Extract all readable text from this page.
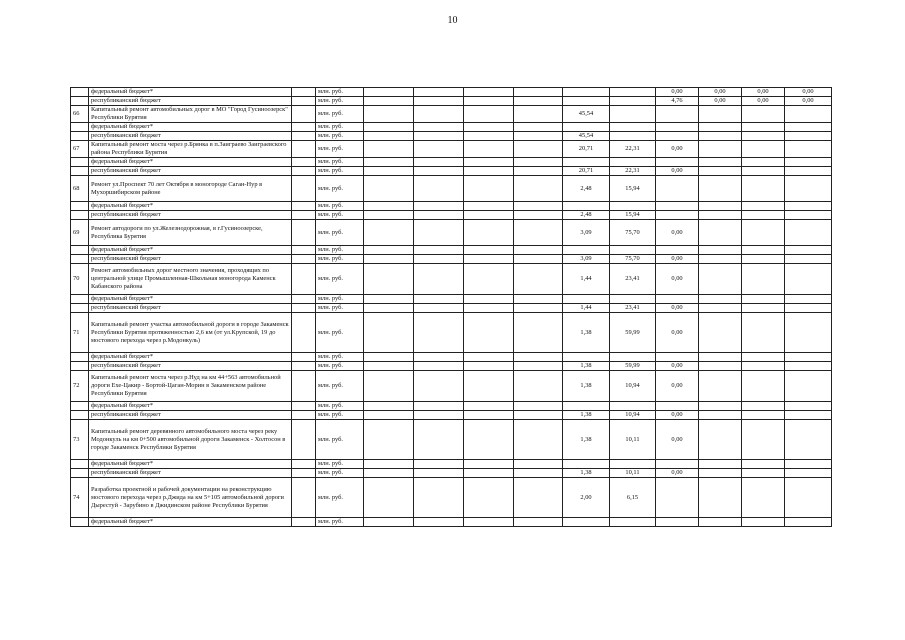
10
	федеральный бюджет*		млн. руб.							0,00	0,00	0,00	0,00	
	республиканский бюджет		млн. руб.							4,76	0,00	0,00	0,00	
66	Капитальный ремонт автомобильных дорог в МО "Город Гусиноозерск" Республики Бурятия		млн. руб.					45,54						
	федеральный бюджет*		млн. руб.											
	республиканский бюджет		млн. руб.					45,54						
67	Капитальный ремонт моста через р.Брянка в п.Заиграево Заиграевского района Республики Бурятия		млн. руб.					20,71	22,31	0,00				
	федеральный бюджет*		млн. руб.											
	республиканский бюджет		млн. руб.					20,71	22,31	0,00				
68	Ремонт ул.Проспект 70 лет Октября в моногороде Саган-Нур в Мухоршибирском районе		млн. руб.					2,48	15,94					
	федеральный бюджет*		млн. руб.											
	республиканский бюджет		млн. руб.					2,48	15,94					
69	Ремонт автодороги по ул.Железнодорожная, в г.Гусиноозерске, Республика Бурятия		млн. руб.					3,09	75,70	0,00				
	федеральный бюджет*		млн. руб.											
	республиканский бюджет		млн. руб.					3,09	75,70	0,00				
70	Ремонт автомобильных дорог местного значения, проходящих по центральной улице Промышленная-Школьная моногорода Каменск Кабанского района		млн. руб.					1,44	23,41	0,00				
	федеральный бюджет*		млн. руб.											
	республиканский бюджет		млн. руб.					1,44	23,41	0,00				
71	Капитальный ремонт участка автомобильной дороги в городе Закаменск Республики Бурятия протяженностью 2,6 км (от ул.Крупской, 19 до мостового перехода через р.Модонкуль)		млн. руб.					1,38	59,99	0,00				
	федеральный бюджет*		млн. руб.											
	республиканский бюджет		млн. руб.					1,38	59,99	0,00				
72	Капитальный ремонт моста через р.Нуд на км 44+563 автомобильной дороги Ехе-Цакир - Бортой-Цаган-Морин в Закаменском районе Республики Бурятия		млн. руб.					1,38	10,94	0,00				
	федеральный бюджет*		млн. руб.											
	республиканский бюджет		млн. руб.					1,38	10,94	0,00				
73	Капитальный ремонт деревянного автомобильного моста через реку Модонкуль на км 0+500 автомобильной дороги Закаменск - Холтосон в городе Закаменск Республики Бурятия		млн. руб.					1,38	10,11	0,00				
	федеральный бюджет*		млн. руб.											
	республиканский бюджет		млн. руб.					1,38	10,11	0,00				
74	Разработка проектной и рабочей документации на реконструкцию мостового перехода через р.Джида на км 5+105 автомобильной дороги Дырестуй - Зарубино в Джидинском районе Республики Бурятия		млн. руб.					2,00	6,15					
	федеральный бюджет*		млн. руб.											
